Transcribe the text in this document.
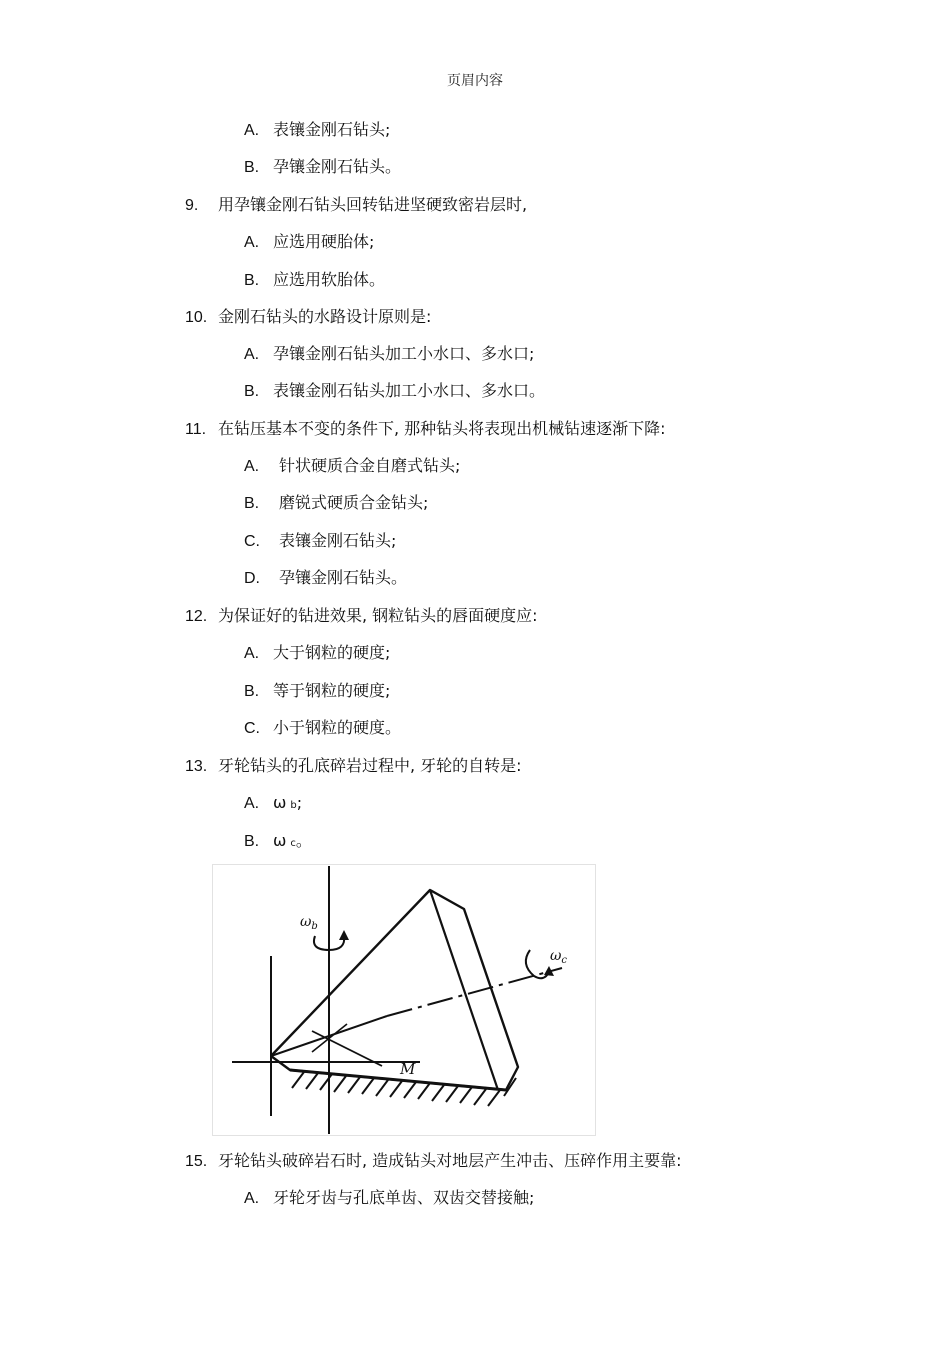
页眉内容
A. 表镶金刚石钻头;
B. 孕镶金刚石钻头。
9. 用孕镶金刚石钻头回转钻进坚硬致密岩层时,
A. 应选用硬胎体;
B. 应选用软胎体。
10. 金刚石钻头的水路设计原则是:
A. 孕镶金刚石钻头加工小水口、多水口;
B. 表镶金刚石钻头加工小水口、多水口。
11. 在钻压基本不变的条件下, 那种钻头将表现出机械钻速逐渐下降:
A. 针状硬质合金自磨式钻头;
B. 磨锐式硬质合金钻头;
C. 表镶金刚石钻头;
D. 孕镶金刚石钻头。
12. 为保证好的钻进效果, 钢粒钻头的唇面硬度应:
A. 大于钢粒的硬度;
B. 等于钢粒的硬度;
C. 小于钢粒的硬度。
13. 牙轮钻头的孔底碎岩过程中, 牙轮的自转是:
A. ω b;
B. ω c。
$\omega_b$
$\omega_c$
M
15. 牙轮钻头破碎岩石时, 造成钻头对地层产生冲击、压碎作用主要靠:
A. 牙轮牙齿与孔底单齿、双齿交替接触;
